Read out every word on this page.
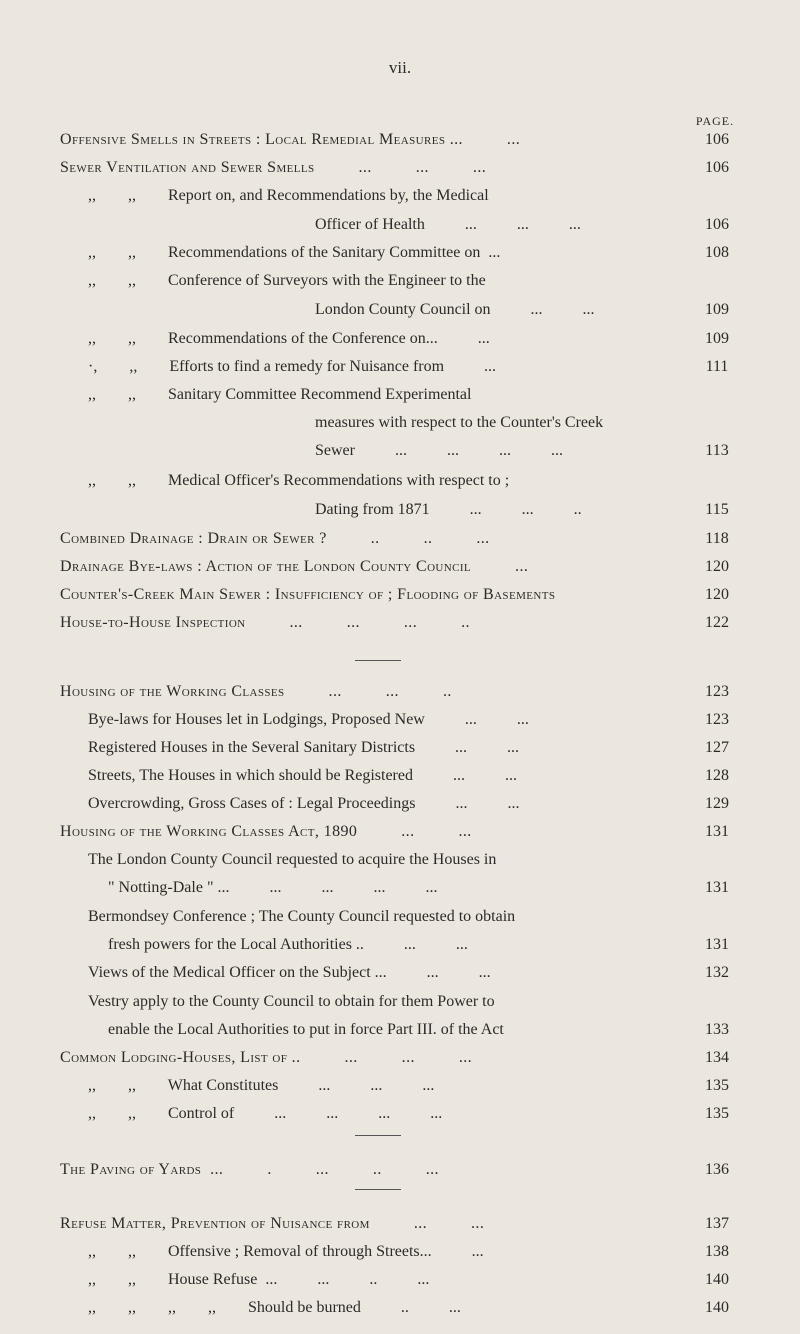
vii.
PAGE.
Offensive Smells in Streets : Local Remedial Measures ...          ...	106
Sewer Ventilation and Sewer Smells          ...          ...          ...	106
,,        ,,        Report on, and Recommendations by, the Medical
Officer of Health          ...          ...          ...	106
,,        ,,        Recommendations of the Sanitary Committee on  ...	108
,,        ,,        Conference of Surveyors with the Engineer to the
London County Council on          ...          ...	109
,,        ,,        Recommendations of the Conference on...          ...	109
·,        ,,        Efforts to find a remedy for Nuisance from          ...	111
,,        ,,        Sanitary Committee Recommend Experimental
measures with respect to the Counter's Creek
Sewer          ...          ...          ...          ...	113
,,        ,,        Medical Officer's Recommendations with respect to ;
Dating from 1871          ...          ...          ..	115
Combined Drainage : Drain or Sewer ?          ..          ..          ...	118
Drainage Bye-laws : Action of the London County Council          ...	120
Counter's-Creek Main Sewer : Insufficiency of ; Flooding of Basements	120
House-to-House Inspection          ...          ...          ...          ..	122
Housing of the Working Classes          ...          ...          ..	123
Bye-laws for Houses let in Lodgings, Proposed New          ...          ...	123
Registered Houses in the Several Sanitary Districts          ...          ...	127
Streets, The Houses in which should be Registered          ...          ...	128
Overcrowding, Gross Cases of : Legal Proceedings          ...          ...	129
Housing of the Working Classes Act, 1890          ...          ...	131
The London County Council requested to acquire the Houses in
" Notting-Dale " ...          ...          ...          ...          ...	131
Bermondsey Conference ; The County Council requested to obtain
fresh powers for the Local Authorities ..          ...          ...	131
Views of the Medical Officer on the Subject ...          ...          ...	132
Vestry apply to the County Council to obtain for them Power to
enable the Local Authorities to put in force Part III. of the Act	133
Common Lodging-Houses, List of ..          ...          ...          ...	134
,,        ,,        What Constitutes          ...          ...          ...	135
,,        ,,        Control of          ...          ...          ...          ...	135
The Paving of Yards  ...          .          ...          ..          ...	136
Refuse Matter, Prevention of Nuisance from          ...          ...	137
,,        ,,        Offensive ; Removal of through Streets...          ...	138
,,        ,,        House Refuse  ...          ...          ..          ...	140
,,        ,,        ,,        ,,        Should be burned          ..          ...	140
